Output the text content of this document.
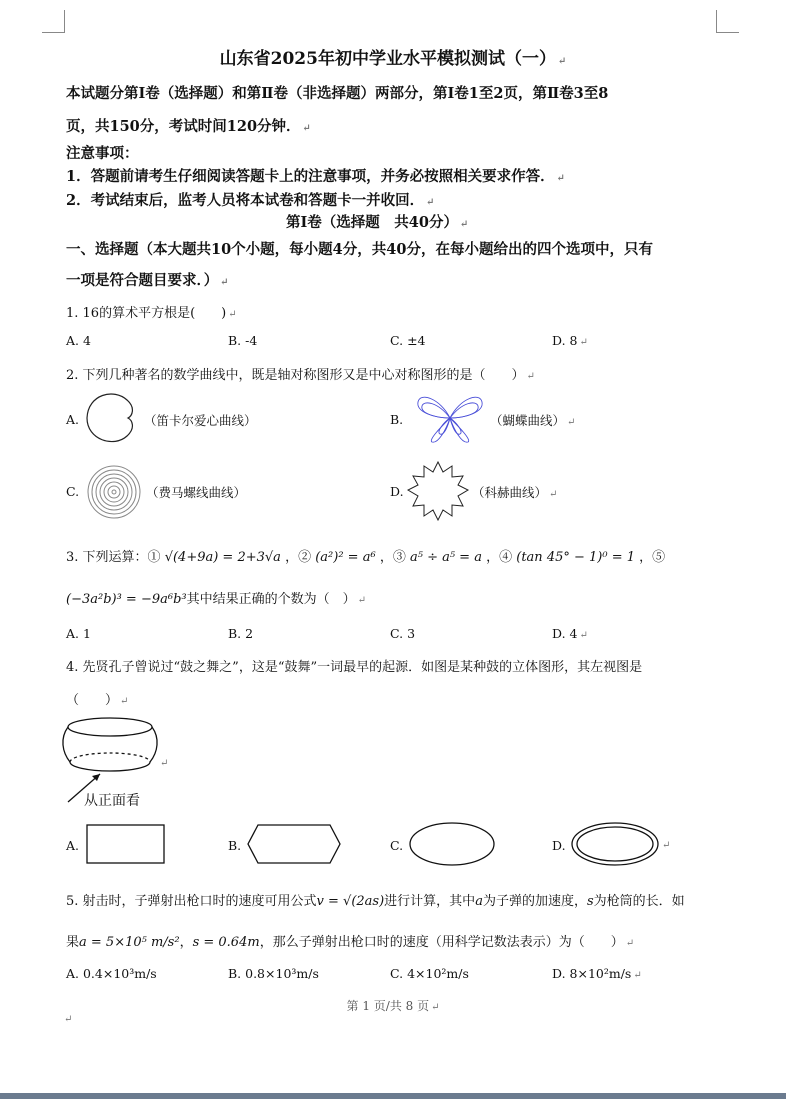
山东省2025年初中学业水平模拟测试（一） ↵
本试题分第Ⅰ卷（选择题）和第Ⅱ卷（非选择题）两部分，第Ⅰ卷1至2页，第Ⅱ卷3至8
页，共150分，考试时间120分钟． ↵
注意事项：
1．答题前请考生仔细阅读答题卡上的注意事项，并务必按照相关要求作答． ↵
2．考试结束后，监考人员将本试卷和答题卡一并收回． ↵
第Ⅰ卷（选择题　共40分） ↵
一、选择题（本大题共10个小题，每小题4分，共40分，在每小题给出的四个选项中，只有
一项是符合题目要求．） ↵
1. 16的算术平方根是(　　) ↵
A. 4	B. -4	C. ±4	D. 8 ↵
2. 下列几种著名的数学曲线中，既是轴对称图形又是中心对称图形的是（　　） ↵
A.	（笛卡尔爱心曲线）	B.	（蝴蝶曲线） ↵
C.	（费马螺线曲线）	D.	（科赫曲线） ↵
3. 下列运算：① √(4+9a) = 2+3√a ，② (a²)² = a⁶ ，③ a⁵ ÷ a⁵ = a ，④ (tan 45° − 1)⁰ = 1 ，⑤
(−3a²b)³ = −9a⁶b³其中结果正确的个数为（　） ↵
A. 1	B. 2	C. 3	D. 4 ↵
4. 先贤孔子曾说过“鼓之舞之”，这是“鼓舞”一词最早的起源．如图是某种鼓的立体图形，其左视图是
（　　） ↵
↵
从正面看
A.	B.	C.	D.	↵
5. 射击时，子弹射出枪口时的速度可用公式v = √(2as)进行计算，其中a为子弹的加速度，s为枪筒的长．如
果a = 5×10⁵ m/s²，s = 0.64m，那么子弹射出枪口时的速度（用科学记数法表示）为（　　） ↵
A. 0.4×10³m/s	B. 0.8×10³m/s	C. 4×10²m/s	D. 8×10²m/s ↵
第 1 页/共 8 页 ↵
↵
